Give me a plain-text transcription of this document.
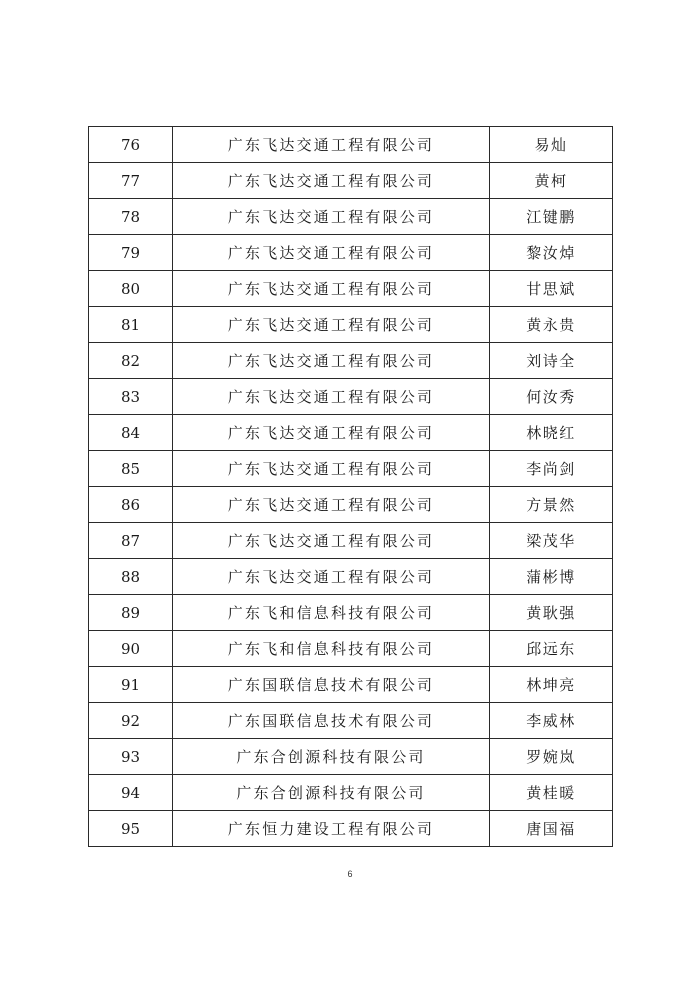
76	广东飞达交通工程有限公司	易灿
77	广东飞达交通工程有限公司	黄柯
78	广东飞达交通工程有限公司	江键鹏
79	广东飞达交通工程有限公司	黎汝焯
80	广东飞达交通工程有限公司	甘思斌
81	广东飞达交通工程有限公司	黄永贵
82	广东飞达交通工程有限公司	刘诗全
83	广东飞达交通工程有限公司	何汝秀
84	广东飞达交通工程有限公司	林晓红
85	广东飞达交通工程有限公司	李尚剑
86	广东飞达交通工程有限公司	方景然
87	广东飞达交通工程有限公司	梁茂华
88	广东飞达交通工程有限公司	蒲彬博
89	广东飞和信息科技有限公司	黄耿强
90	广东飞和信息科技有限公司	邱远东
91	广东国联信息技术有限公司	林坤亮
92	广东国联信息技术有限公司	李威林
93	广东合创源科技有限公司	罗婉岚
94	广东合创源科技有限公司	黄桂暖
95	广东恒力建设工程有限公司	唐国福
6
